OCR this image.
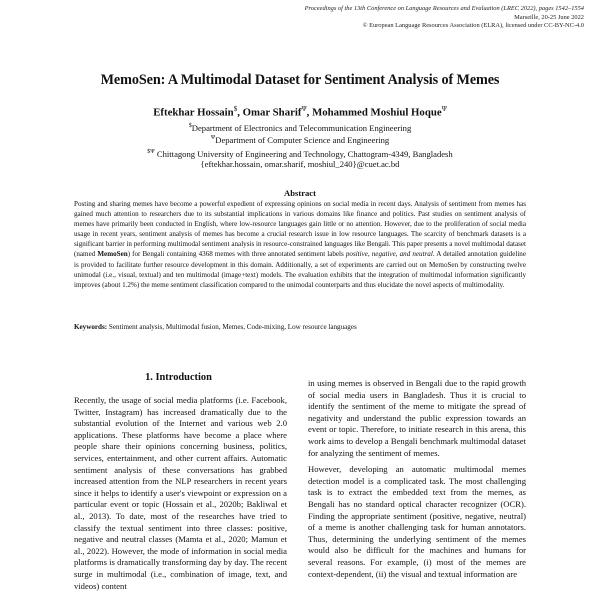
Proceedings of the 13th Conference on Language Resources and Evaluation (LREC 2022), pages 1542–1554
Marseille, 20-25 June 2022
© European Language Resources Association (ELRA), licensed under CC-BY-NC-4.0
MemoSen: A Multimodal Dataset for Sentiment Analysis of Memes
Eftekhar Hossain$, Omar Sharif$^\Psi$, Mohammed Moshiul Hoque$^\Psi$
$Department of Electronics and Telecommunication Engineering
$^\Psi$Department of Computer Science and Engineering
$^{\$\Psi}$ Chittagong University of Engineering and Technology, Chattogram-4349, Bangladesh
{eftekhar.hossain, omar.sharif, moshiul_240}@cuet.ac.bd
Abstract
Posting and sharing memes have become a powerful expedient of expressing opinions on social media in recent days. Analysis of sentiment from memes has gained much attention to researchers due to its substantial implications in various domains like finance and politics. Past studies on sentiment analysis of memes have primarily been conducted in English, where low-resource languages gain little or no attention. However, due to the proliferation of social media usage in recent years, sentiment analysis of memes has become a crucial research issue in low resource languages. The scarcity of benchmark datasets is a significant barrier in performing multimodal sentiment analysis in resource-constrained languages like Bengali. This paper presents a novel multimodal dataset (named MemoSen) for Bengali containing 4368 memes with three annotated sentiment labels positive, negative, and neutral. A detailed annotation guideline is provided to facilitate further resource development in this domain. Additionally, a set of experiments are carried out on MemoSen by constructing twelve unimodal (i.e., visual, textual) and ten multimodal (image+text) models. The evaluation exhibits that the integration of multimodal information significantly improves (about 1.2%) the meme sentiment classification compared to the unimodal counterparts and thus elucidate the novel aspects of multimodality.
Keywords: Sentiment analysis, Multimodal fusion, Memes, Code-mixing, Low resource languages
1. Introduction

Recently, the usage of social media platforms (i.e. Facebook, Twitter, Instagram) has increased dramatically due to the substantial evolution of the Internet and various web 2.0 applications. These platforms have become a place where people share their opinions concerning business, politics, services, entertainment, and other current affairs. Automatic sentiment analysis of these conversations has grabbed increased attention from the NLP researchers in recent years since it helps to identify a user's viewpoint or expression on a particular event or topic (Hossain et al., 2020b; Bakliwal et al., 2013). To date, most of the researches have tried to classify the textual sentiment into three classes: positive, negative and neutral classes (Mamta et al., 2020; Mamun et al., 2022). However, the mode of information in social media platforms is dramatically transforming day by day. The recent surge in multimodal (i.e., combination of image, text, and videos) content

in using memes is observed in Bengali due to the rapid growth of social media users in Bangladesh. Thus it is crucial to identify the sentiment of the meme to mitigate the spread of negativity and understand the public expression towards an event or topic. Therefore, to initiate research in this arena, this work aims to develop a Bengali benchmark multimodal dataset for analyzing the sentiment of memes.

However, developing an automatic multimodal memes detection model is a complicated task. The most challenging task is to extract the embedded text from the memes, as Bengali has no standard optical character recognizer (OCR). Finding the appropriate sentiment (positive, negative, neutral) of a meme is another challenging task for human annotators. Thus, determining the underlying sentiment of the memes would also be difficult for the machines and humans for several reasons. For example, (i) most of the memes are context-dependent, (ii) the visual and textual information are
